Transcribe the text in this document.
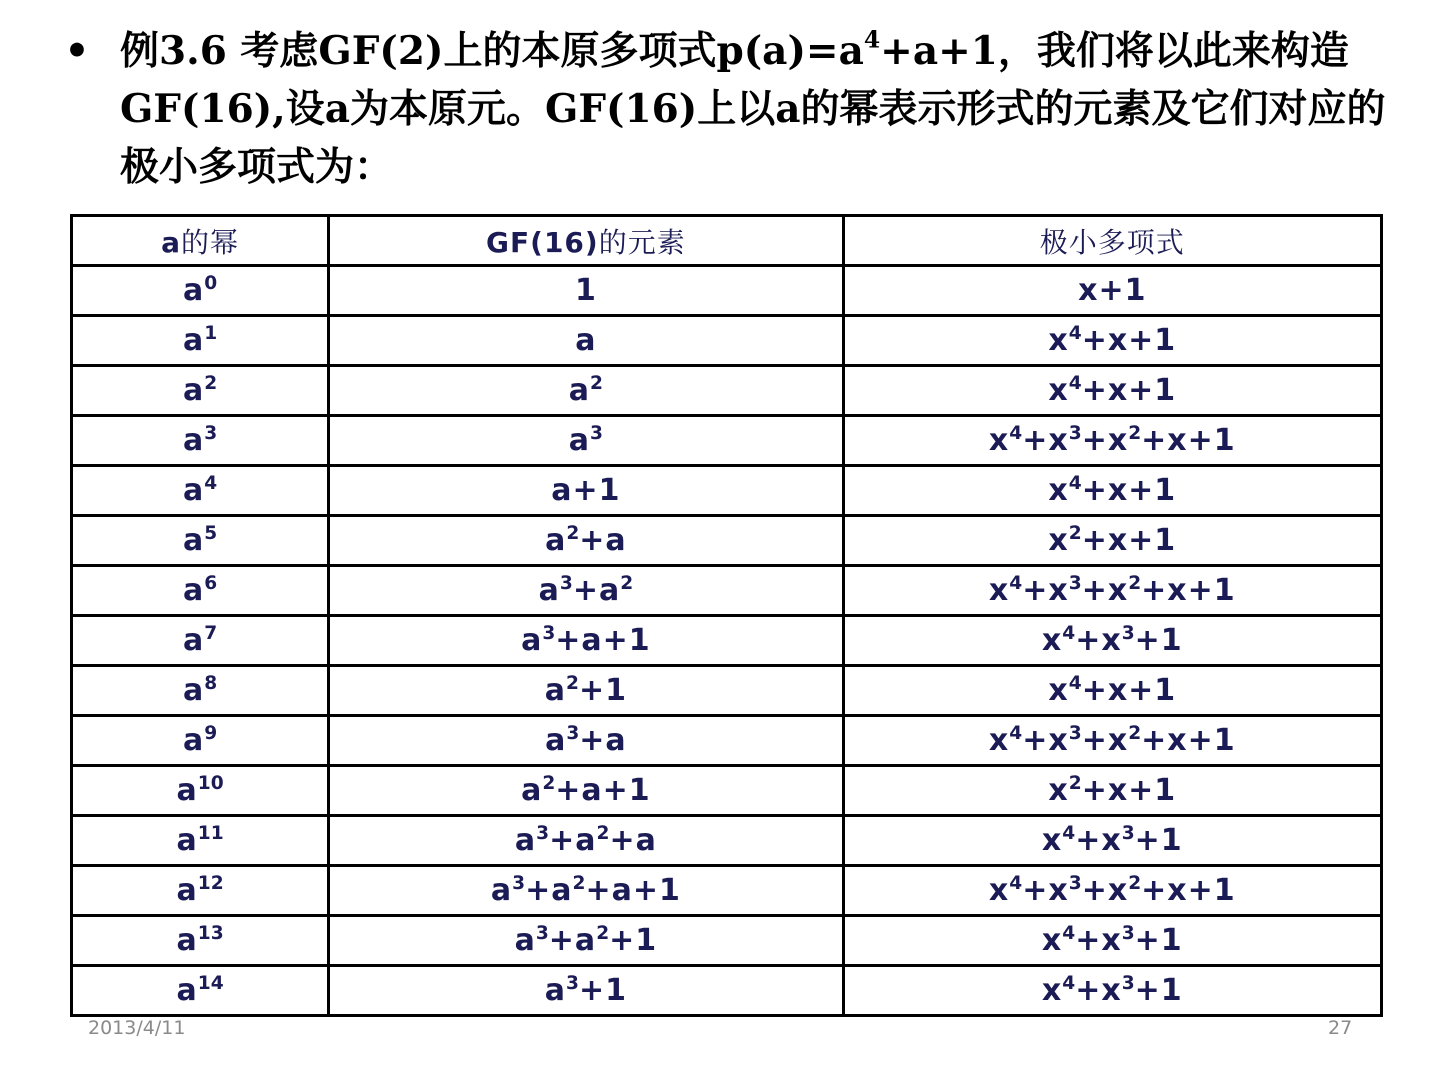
• 例3.6 考虑GF(2)上的本原多项式$p(a)=a^4+a+1$，我们将以此来构造GF(16),设a为本原元。GF(16)上以a的幂表示形式的元素及它们对应的极小多项式为：
a的幂	GF(16)的元素	极小多项式
$a^0$	1	x+1
$a^1$	a	$x^4+x+1$
$a^2$	$a^2$	$x^4+x+1$
$a^3$	$a^3$	$x^4+x^3+x^2+x+1$
$a^4$	a+1	$x^4+x+1$
$a^5$	$a^2+a$	$x^2+x+1$
$a^6$	$a^3+a^2$	$x^4+x^3+x^2+x+1$
$a^7$	$a^3+a+1$	$x^4+x^3+1$
$a^8$	$a^2+1$	$x^4+x+1$
$a^9$	$a^3+a$	$x^4+x^3+x^2+x+1$
$a^{10}$	$a^2+a+1$	$x^2+x+1$
$a^{11}$	$a^3+a^2+a$	$x^4+x^3+1$
$a^{12}$	$a^3+a^2+a+1$	$x^4+x^3+x^2+x+1$
$a^{13}$	$a^3+a^2+1$	$x^4+x^3+1$
$a^{14}$	$a^3+1$	$x^4+x^3+1$
2013/4/11	27
